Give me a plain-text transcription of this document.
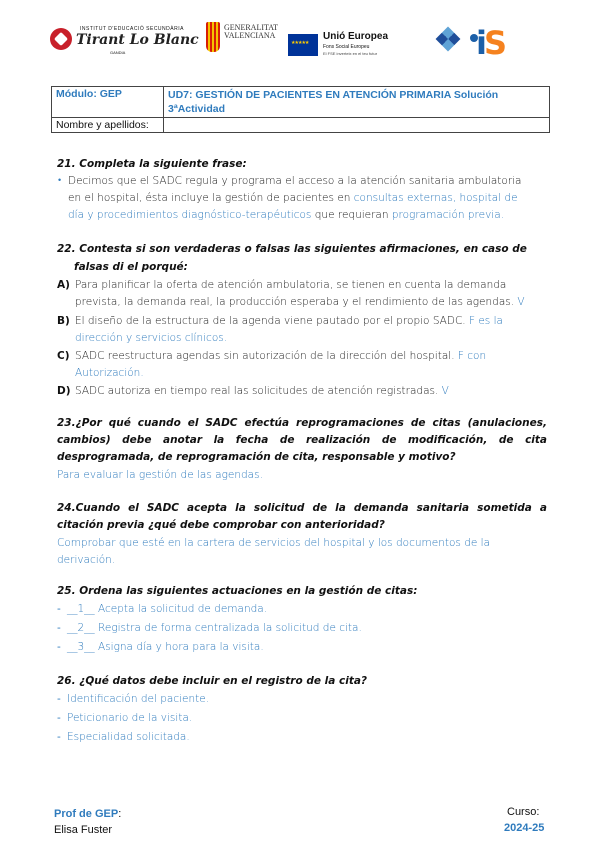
INSTITUT D'EDUCACIÓ SECUNDÀRIA
Tirant Lo Blanc
GANDIA
GENERALITAT VALENCIANA ★★★★★	Unió Europea
Fons Social Europeu
El FSE inverteix en el teu futur	iS
Módulo: GEP	UD7: GESTIÓN DE PACIENTES EN ATENCIÓN PRIMARIA Solución 3ªActividad
Nombre y apellidos:	
21. Completa la siguiente frase:
• Decimos que el SADC regula y programa el acceso a la atención sanitaria ambulatoria
en el hospital, ésta incluye la gestión de pacientes en consultas externas, hospital de
día y procedimientos diagnóstico-terapéuticos que requieran programación previa.
22. Contesta si son verdaderas o falsas las siguientes afirmaciones, en caso de
falsas di el porqué:
A) Para planificar la oferta de atención ambulatoria, se tienen en cuenta la demanda
prevista, la demanda real, la producción esperaba y el rendimiento de las agendas. V
B) El diseño de la estructura de la agenda viene pautado por el propio SADC. F es la
dirección y servicios clínicos.
C) SADC reestructura agendas sin autorización de la dirección del hospital. F con
Autorización.
D) SADC autoriza en tiempo real las solicitudes de atención registradas. V
23.¿Por qué cuando el SADC efectúa reprogramaciones de citas (anulaciones, cambios) debe anotar la fecha de realización de modificación, de cita desprogramada, de reprogramación de cita, responsable y motivo?
Para evaluar la gestión de las agendas.
24.Cuando el SADC acepta la solicitud de la demanda sanitaria sometida a citación previa ¿qué debe comprobar con anterioridad?
Comprobar que esté en la cartera de servicios del hospital y los documentos de la
derivación.
25. Ordena las siguientes actuaciones en la gestión de citas:
- __1__ Acepta la solicitud de demanda.
- __2__ Registra de forma centralizada la solicitud de cita.
- __3__ Asigna día y hora para la visita.
26. ¿Qué datos debe incluir en el registro de la cita?
- Identificación del paciente.
- Peticionario de la visita.
- Especialidad solicitada.
Prof de GEP:
Elisa Fuster
Curso:
2024-25
